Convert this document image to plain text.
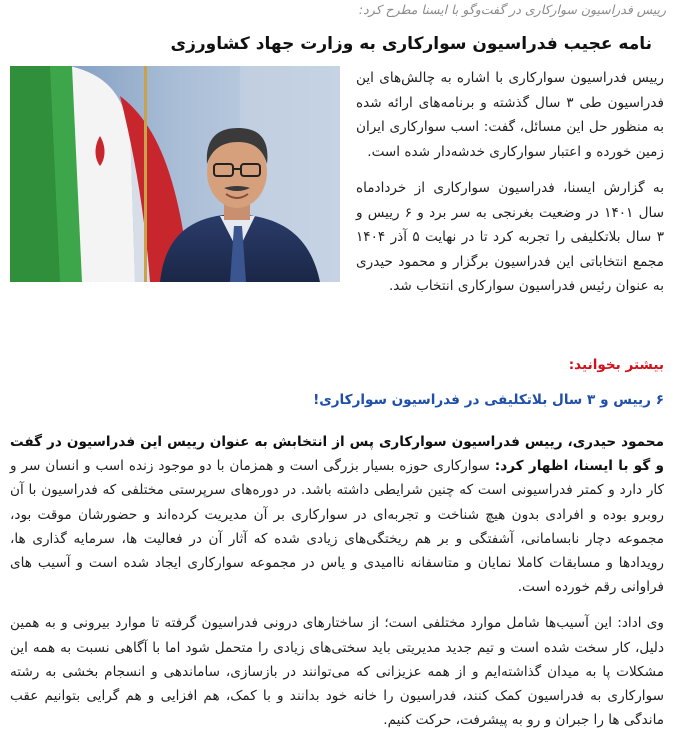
رییس فدراسیون سوارکاری در گفت‌وگو با ایسنا مطرح کرد:
نامه عجیب فدراسیون سوارکاری به وزارت جهاد کشاورزی

رییس فدراسیون سوارکاری با اشاره به چالش‌های این فدراسیون طی ۳ سال گذشته و برنامه‌های ارائه شده به منظور حل این مسائل، گفت: اسب سوارکاری ایران زمین خورده و اعتبار سوارکاری خدشه‌دار شده است.

به گزارش ایسنا، فدراسیون سوارکاری از خردادماه سال ۱۴۰۱ در وضعیت بغرنجی به سر برد و ۶ رییس و ۳ سال بلاتکلیفی را تجربه کرد تا در نهایت ۵ آذر ۱۴۰۴ مجمع انتخاباتی این فدراسیون برگزار و محمود حیدری به عنوان رئیس فدراسیون سوارکاری انتخاب شد.

بیشتر بخوانید:
۶ رییس و ۳ سال بلاتکلیفی در فدراسیون سوارکاری!

محمود حیدری، رییس فدراسیون سوارکاری پس از انتخابش به عنوان رییس این فدراسیون در گفت و گو با ایسنا، اظهار کرد: سوارکاری حوزه بسیار بزرگی است و همزمان با دو موجود زنده اسب و انسان سر و کار دارد و کمتر فدراسیونی است که چنین شرایطی داشته باشد. در دوره‌های سرپرستی مختلفی که فدراسیون با آن روبرو بوده و افرادی بدون هیچ شناخت و تجربه‌ای در سوارکاری بر آن مدیریت کرده‌اند و حضورشان موقت بود، مجموعه دچار نابسامانی، آشفتگی و بر هم ریختگی‌های زیادی شده که آثار آن در فعالیت ها، سرمایه گذاری ها، رویدادها و مسابقات کاملا نمایان و متاسفانه ناامیدی و یاس در مجموعه سوارکاری ایجاد شده است و آسیب های فراوانی رقم خورده است.

وی اداد: این آسیب‌ها شامل موارد مختلفی است؛ از ساختارهای درونی فدراسیون گرفته تا موارد بیرونی و به همین دلیل، کار سخت شده است و تیم جدید مدیریتی باید سختی‌های زیادی را متحمل شود اما با آگاهی نسبت به همه این مشکلات پا به میدان گذاشته‌ایم و از همه عزیزانی که می‌توانند در بازسازی، ساماندهی و انسجام بخشی به رشته سوارکاری به فدراسیون کمک کنند، فدراسیون را خانه خود بدانند و با کمک، هم افزایی و هم گرایی بتوانیم عقب ماندگی ها را جبران و رو به پیشرفت، حرکت کنیم.
